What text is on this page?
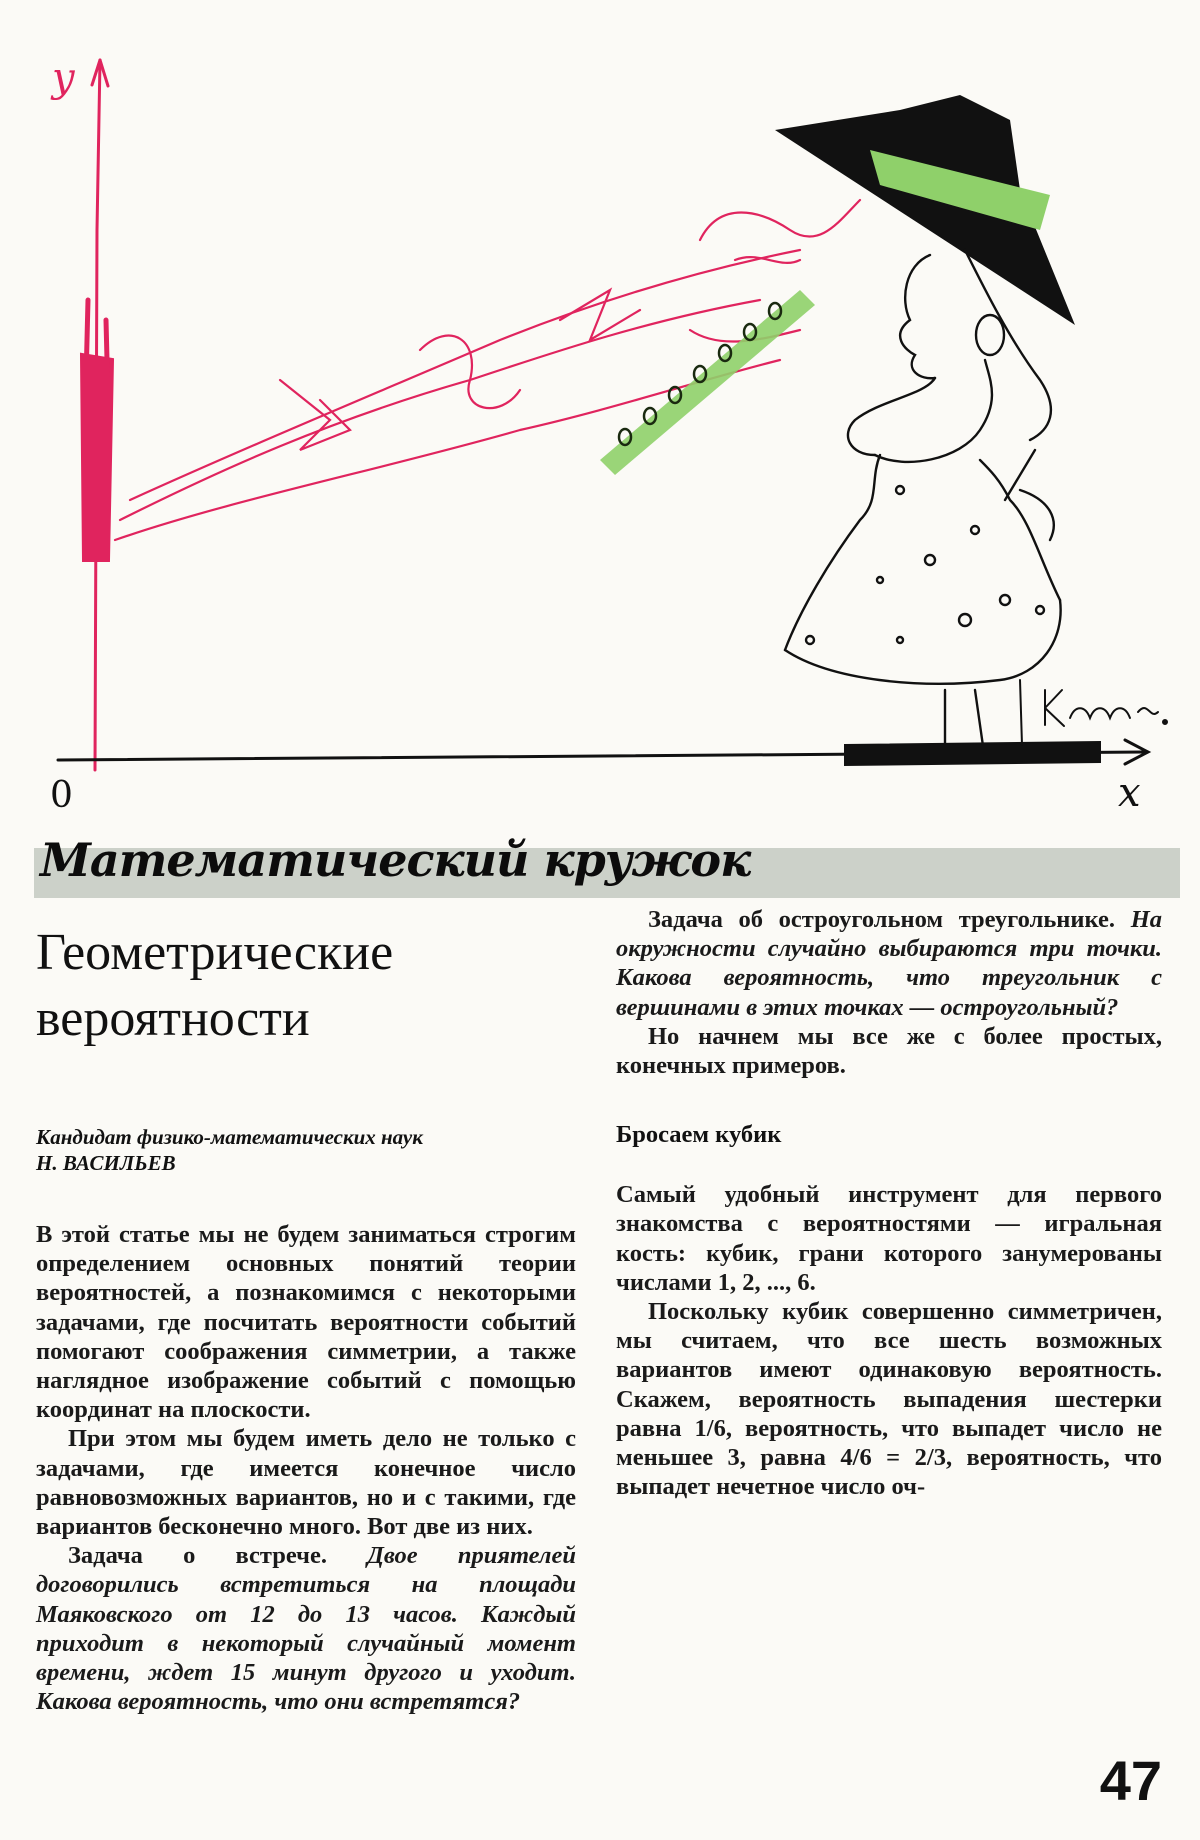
y
0	x
Математический кружок
Геометрические
вероятности
Кандидат физико-математических наук
Н. ВАСИЛЬЕВ

В этой статье мы не будем заниматься строгим определением основных понятий теории вероятностей, а познакомимся с некоторыми задачами, где посчитать вероятности событий помогают соображения симметрии, а также наглядное изображение событий с помощью координат на плоскости.

При этом мы будем иметь дело не только с задачами, где имеется конечное число равновозможных вариантов, но и с такими, где вариантов бесконечно много. Вот две из них.

Задача о встрече. Двое приятелей договорились встретиться на площади Маяковского от 12 до 13 часов. Каждый приходит в некоторый случайный момент времени, ждет 15 минут другого и уходит. Какова вероятность, что они встретятся?

Задача об остроугольном треугольнике. На окружности случайно выбираются три точки. Какова вероятность, что треугольник с вершинами в этих точках — остроугольный?

Но начнем мы все же с более простых, конечных примеров.

Бросаем кубик

Самый удобный инструмент для первого знакомства с вероятностями — игральная кость: кубик, грани которого занумерованы числами 1, 2, ..., 6.

Поскольку кубик совершенно симметричен, мы считаем, что все шесть возможных вариантов имеют одинаковую вероятность. Скажем, вероятность выпадения шестерки равна 1/6, вероятность, что выпадет число не меньшее 3, равна 4/6 = 2/3, вероятность, что выпадет нечетное число оч-

47
